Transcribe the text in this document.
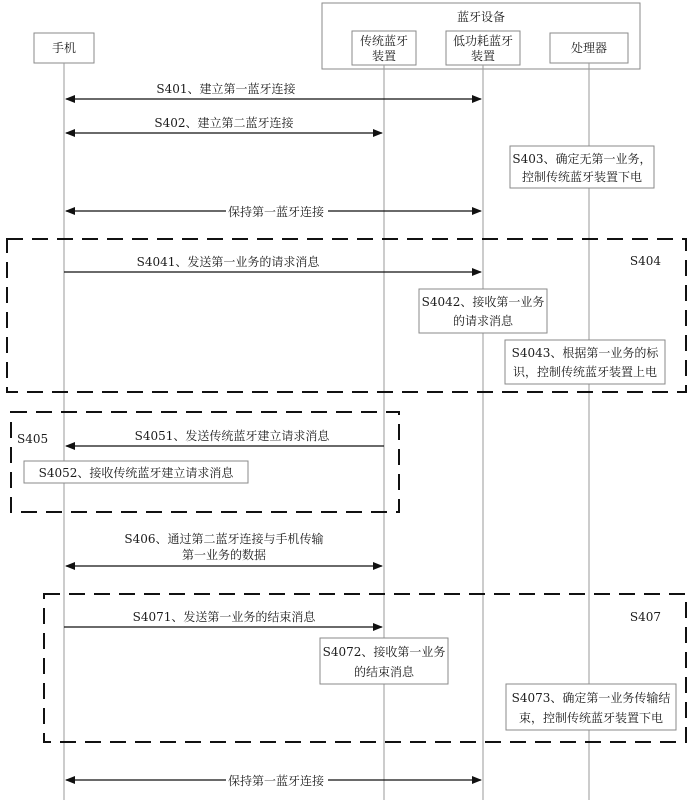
蓝牙设备
手机	传统蓝牙
装置
低功耗蓝牙
装置
处理器
S401、建立第一蓝牙连接
S402、建立第二蓝牙连接
S403、确定无第一业务，
控制传统蓝牙装置下电
保持第一蓝牙连接
S404
S4041、发送第一业务的请求消息
S4042、接收第一业务
的请求消息
S4043、根据第一业务的标
识，控制传统蓝牙装置上电
S405	S4051、发送传统蓝牙建立请求消息
S4052、接收传统蓝牙建立请求消息
S406、通过第二蓝牙连接与手机传输
第一业务的数据
S407
S4071、发送第一业务的结束消息
S4072、接收第一业务
的结束消息
S4073、确定第一业务传输结
束，控制传统蓝牙装置下电
保持第一蓝牙连接
